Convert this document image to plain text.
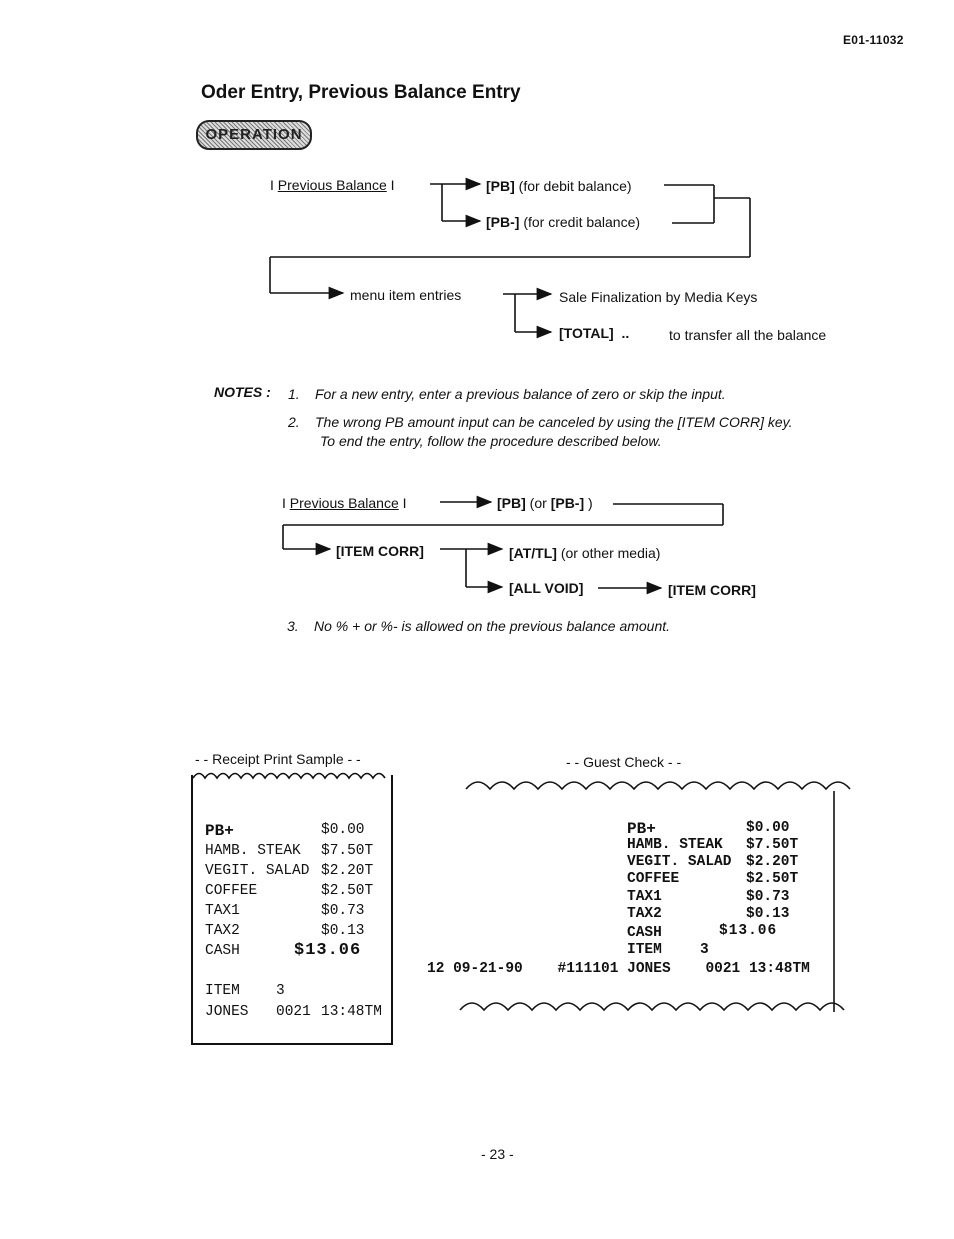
E01-11032
Oder Entry, Previous Balance Entry
OPERATION
I Previous Balance I	[PB] (for debit balance)
[PB-] (for credit balance)
menu item entries	Sale Finalization by Media Keys
[TOTAL] ..	to transfer all the balance
NOTES : 1. For a new entry, enter a previous balance of zero or skip the input.
2. The wrong PB amount input can be canceled by using the [ITEM CORR] key.
To end the entry, follow the procedure described below.
I Previous Balance I	[PB] (or [PB-] )
[ITEM CORR]	[AT/TL] (or other media)
[ALL VOID]	[ITEM CORR]
3. No % + or %- is allowed on the previous balance amount.
- - Receipt Print Sample - -
PB+	$0.00
HAMB. STEAK $7.50T
VEGIT. SALAD $2.20T
COFFEE	$2.50T
TAX1	$0.73
TAX2	$0.13
CASH	$13.06
ITEM 3
JONES 0021 13:48TM
- - Guest Check - -
PB+	$0.00
HAMB. STEAK $7.50T
VEGIT. SALAD $2.20T
COFFEE	$2.50T
TAX1	$0.73
TAX2	$0.13
CASH	$13.06
ITEM	3
12 09-21-90    #111101 JONES    0021 13:48TM
- 23 -
